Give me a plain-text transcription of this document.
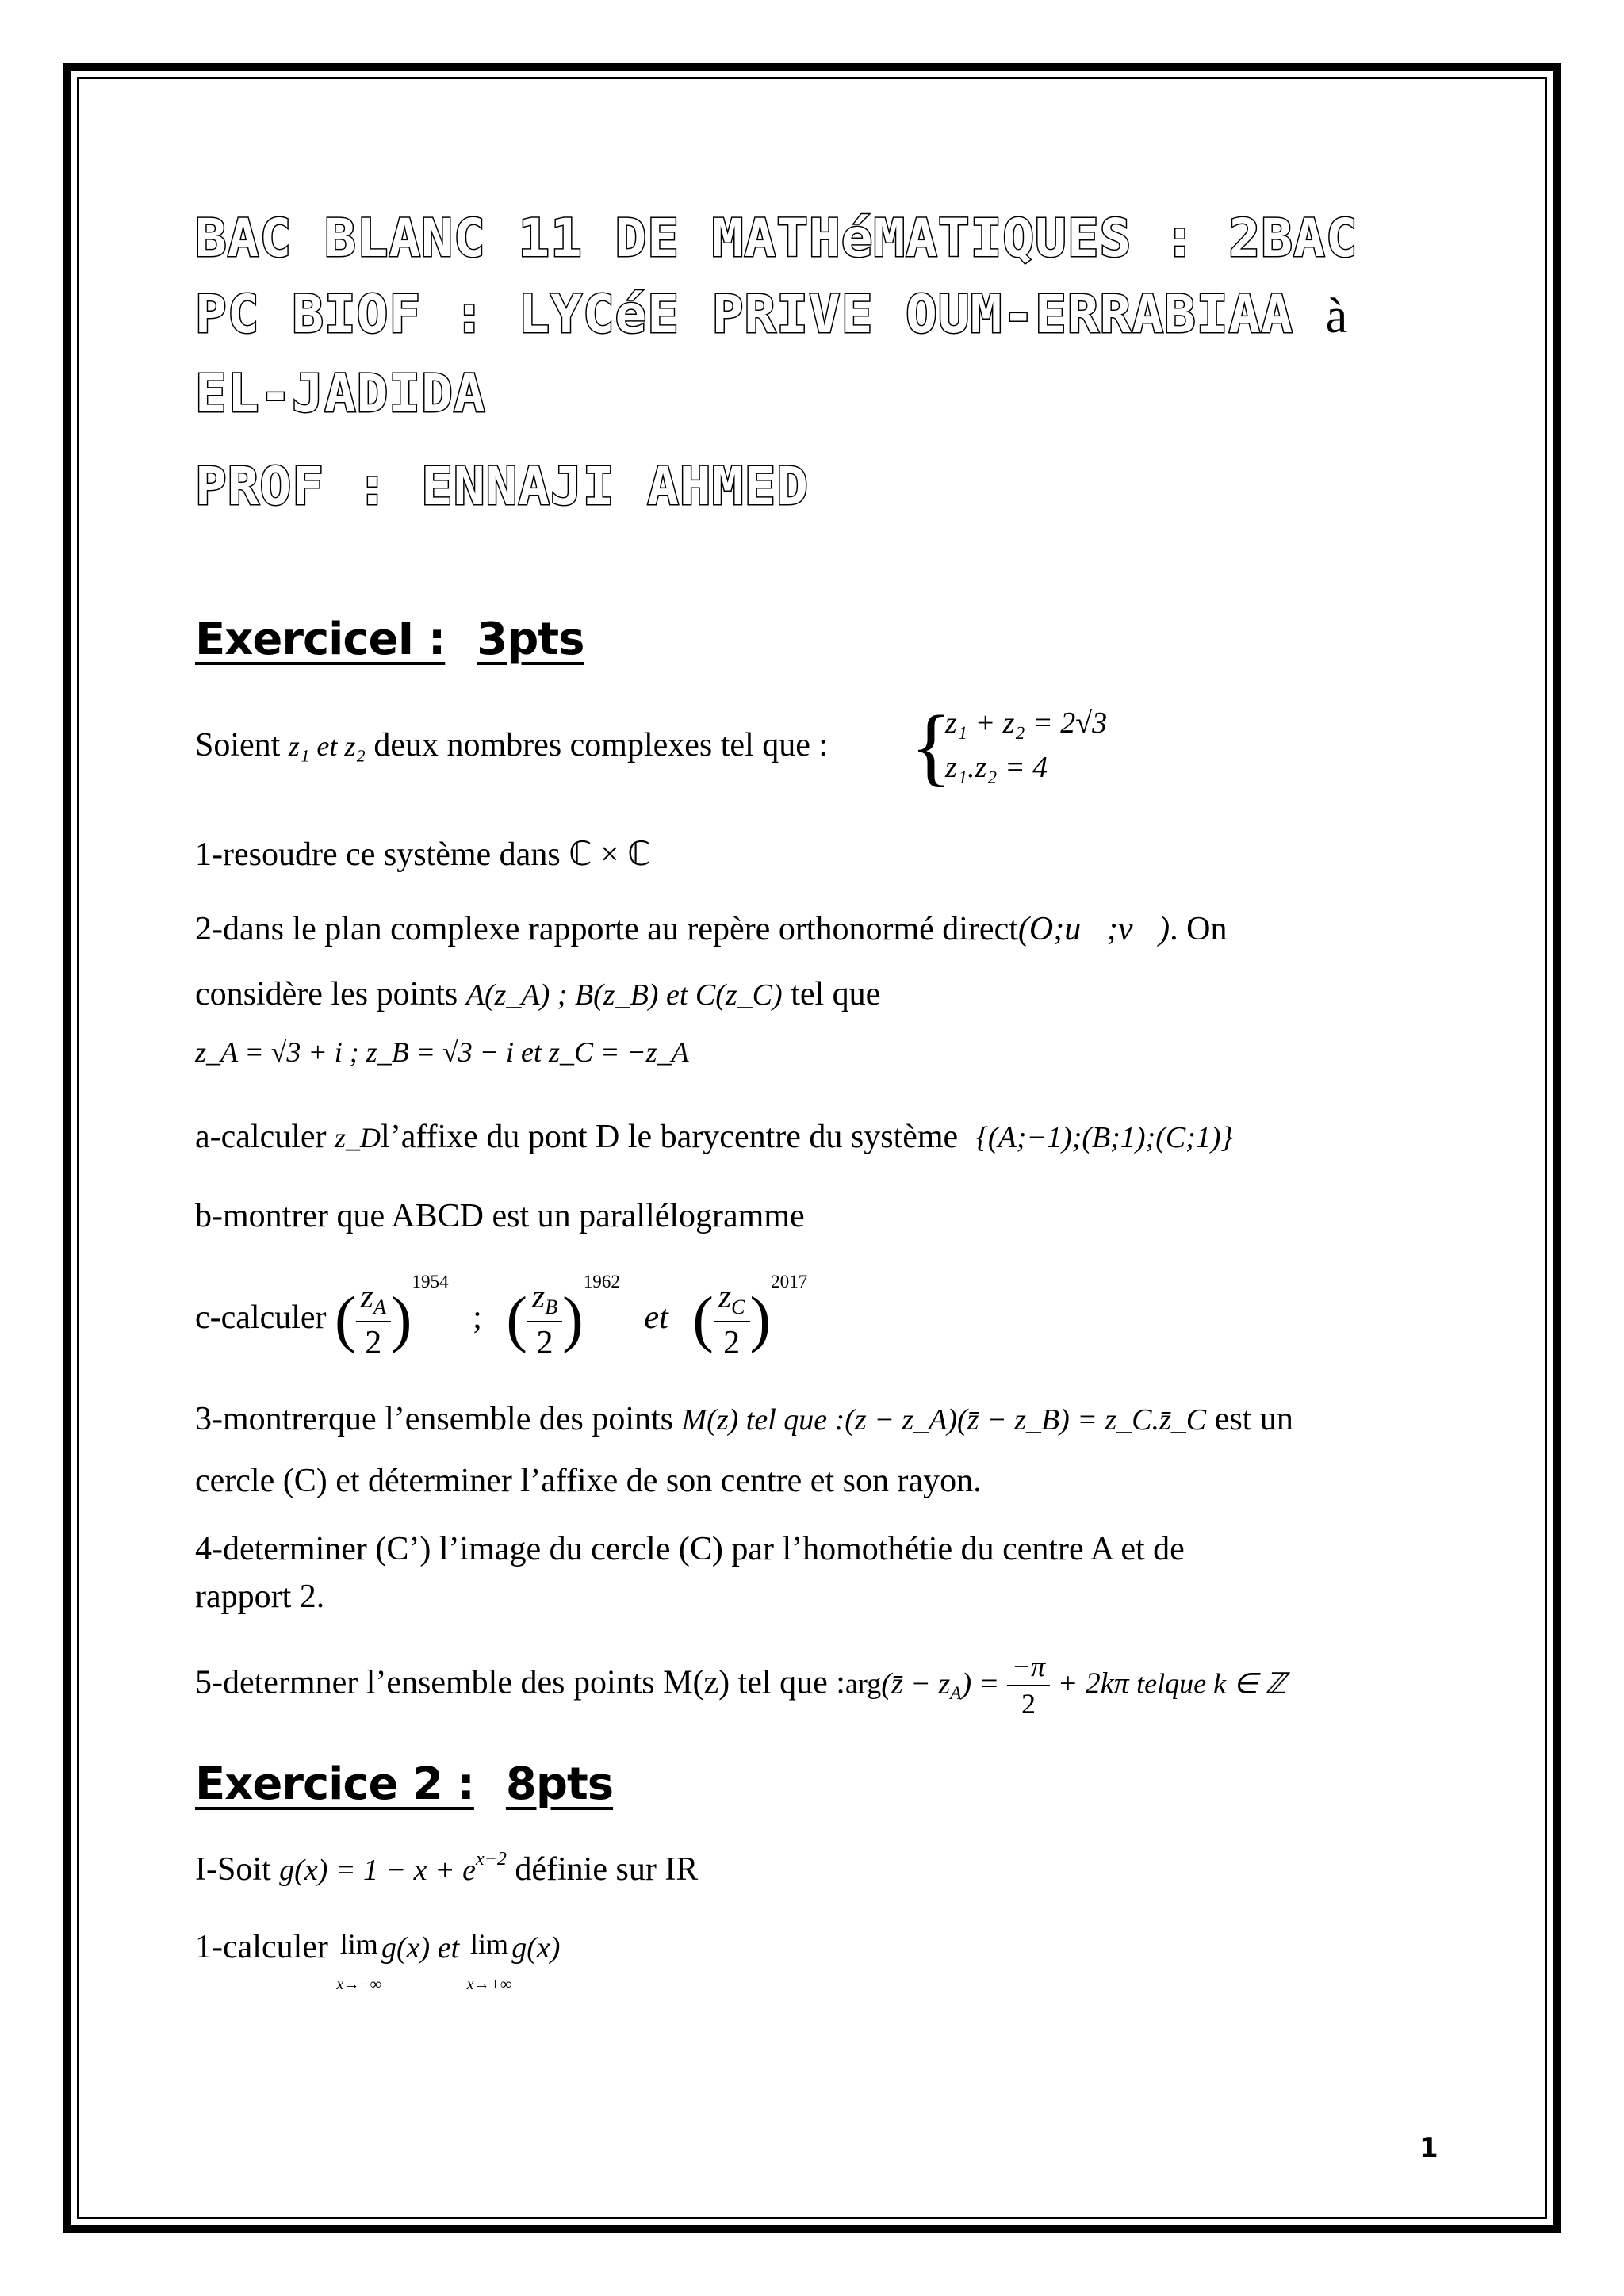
BAC BLANC 11 DE MATHéMATIQUES : 2BAC
PC BIOF : LYCéE PRIVE OUM-ERRABIAA à
EL-JADIDA
PROF : ENNAJI AHMED
ExerciceI : 3pts
Soient z₁ et z₂ deux nombres complexes tel que : {
z₁ + z₂ = 2√3
z₁.z₂ = 4
1-resoudre ce système dans ℂ × ℂ
2-dans le plan complexe rapporte au repère orthonormé direct(O;u⃗;v⃗). On
considère les points A(z_A) ; B(z_B) et C(z_C) tel que
z_A = √3 + i ; z_B = √3 − i et z_C = −z_A
a-calculer z_Dl’affixe du pont D le barycentre du système {(A;−1);(B;1);(C;1)}
b-montrer que ABCD est un parallélogramme
c-calculer ( $\frac{z_A}{2} )^{1954}$ ; ( $\frac{z_B}{2} )^{1962}$ et ( $\frac{z_C}{2} )^{2017}$
3-montrerque l’ensemble des points M(z) tel que :(z − z_A)(z̄ − z_B) = z_C.z̄_C est un
cercle (C) et déterminer l’affixe de son centre et son rayon.
4-determiner (C’) l’image du cercle (C) par l’homothétie du centre A et de
rapport 2.
5-determner l’ensemble des points M(z) tel que :arg(z̄ − $z_A) = \frac{-\pi}{2} + 2k\pi$ telque k ∈ ℤ
Exercice 2 : 8pts
I-Soit $g(x) = 1 - x + e^{x-2}$ définie sur IR
1-calculer lim
x→−∞g(x) et lim
x→+∞g(x)
1
